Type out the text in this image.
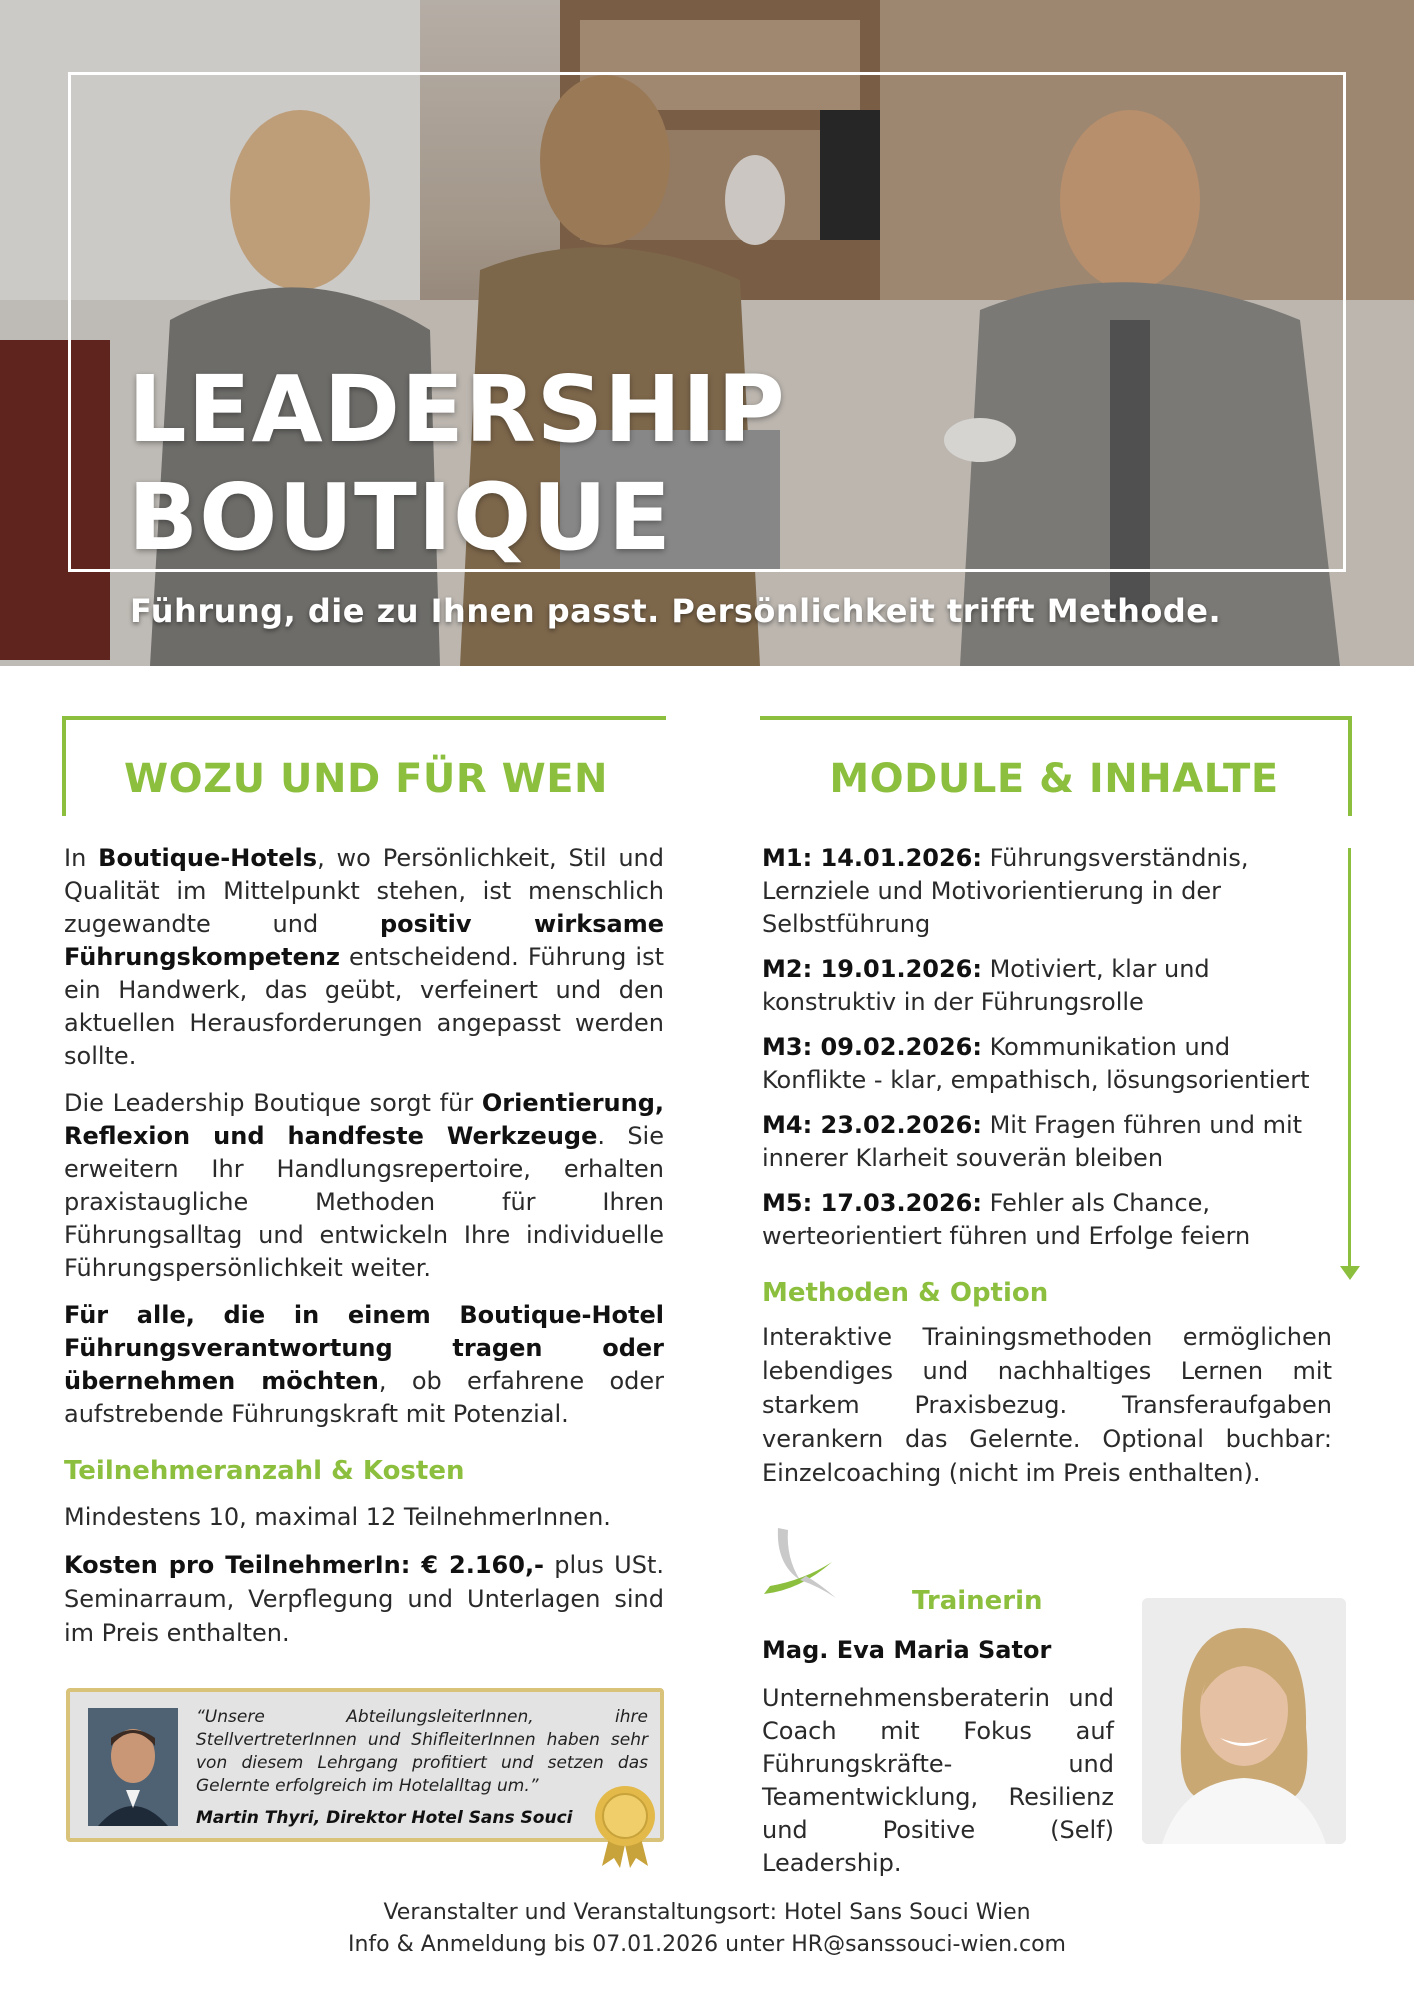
LEADERSHIP
BOUTIQUE

Führung, die zu Ihnen passt. Persönlichkeit trifft Methode.

WOZU UND FÜR WEN	MODULE & INHALTE

In Boutique-Hotels, wo Persönlichkeit, Stil und Qualität im Mittelpunkt stehen, ist menschlich zugewandte und positiv wirksame Führungskompetenz entscheidend. Führung ist ein Handwerk, das geübt, verfeinert und den aktuellen Herausforderungen angepasst werden sollte.

Die Leadership Boutique sorgt für Orientierung, Reflexion und handfeste Werkzeuge. Sie erweitern Ihr Handlungsrepertoire, erhalten praxistaugliche Methoden für Ihren Führungsalltag und entwickeln Ihre individuelle Führungspersönlichkeit weiter.

Für alle, die in einem Boutique-Hotel Führungsverantwortung tragen oder übernehmen möchten, ob erfahrene oder aufstrebende Führungskraft mit Potenzial.

Teilnehmeranzahl & Kosten

Mindestens 10, maximal 12 TeilnehmerInnen.

Kosten pro TeilnehmerIn: € 2.160,- plus USt. Seminarraum, Verpflegung und Unterlagen sind im Preis enthalten.

“Unsere AbteilungsleiterInnen, ihre StellvertreterInnen und ShifleiterInnen haben sehr von diesem Lehrgang profitiert und setzen das Gelernte erfolgreich im Hotelalltag um.”

Martin Thyri, Direktor Hotel Sans Souci

M1: 14.01.2026: Führungsverständnis, Lernziele und Motivorientierung in der Selbstführung

M2: 19.01.2026: Motiviert, klar und konstruktiv in der Führungsrolle

M3: 09.02.2026: Kommunikation und Konflikte - klar, empathisch, lösungsorientiert

M4: 23.02.2026: Mit Fragen führen und mit innerer Klarheit souverän bleiben

M5: 17.03.2026: Fehler als Chance, werteorientiert führen und Erfolge feiern

Methoden & Option

Interaktive Trainingsmethoden ermöglichen lebendiges und nachhaltiges Lernen mit starkem Praxisbezug. Transferaufgaben verankern das Gelernte. Optional buchbar: Einzelcoaching (nicht im Preis enthalten).

Trainerin

Mag. Eva Maria Sator

Unternehmensberaterin und Coach mit Fokus auf Führungskräfte- und Teamentwicklung, Resilienz und Positive (Self) Leadership.

Veranstalter und Veranstaltungsort: Hotel Sans Souci Wien

Info & Anmeldung bis 07.01.2026 unter HR@sanssouci-wien.com
